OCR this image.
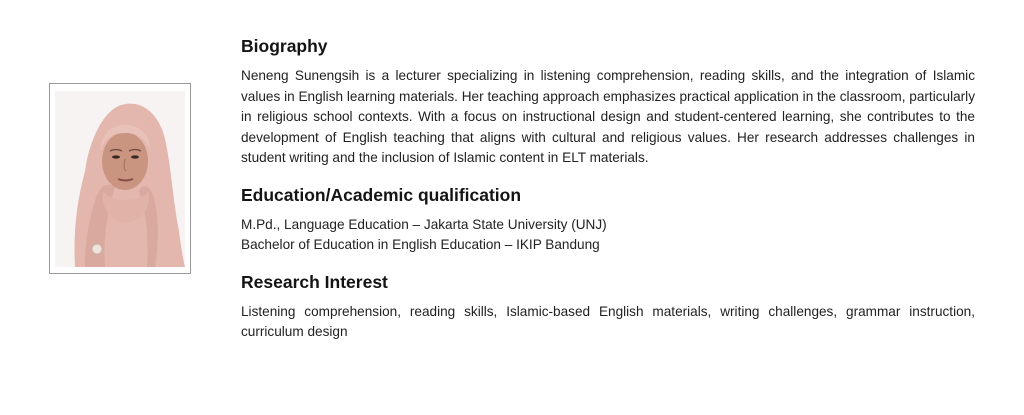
Biography

Neneng Sunengsih is a lecturer specializing in listening comprehension, reading skills, and the integration of Islamic values in English learning materials. Her teaching approach emphasizes practical application in the classroom, particularly in religious school contexts. With a focus on instructional design and student-centered learning, she contributes to the development of English teaching that aligns with cultural and religious values. Her research addresses challenges in student writing and the inclusion of Islamic content in ELT materials.

Education/Academic qualification

M.Pd., Language Education – Jakarta State University (UNJ)

Bachelor of Education in English Education – IKIP Bandung

Research Interest

Listening comprehension, reading skills, Islamic-based English materials, writing challenges, grammar instruction, curriculum design
